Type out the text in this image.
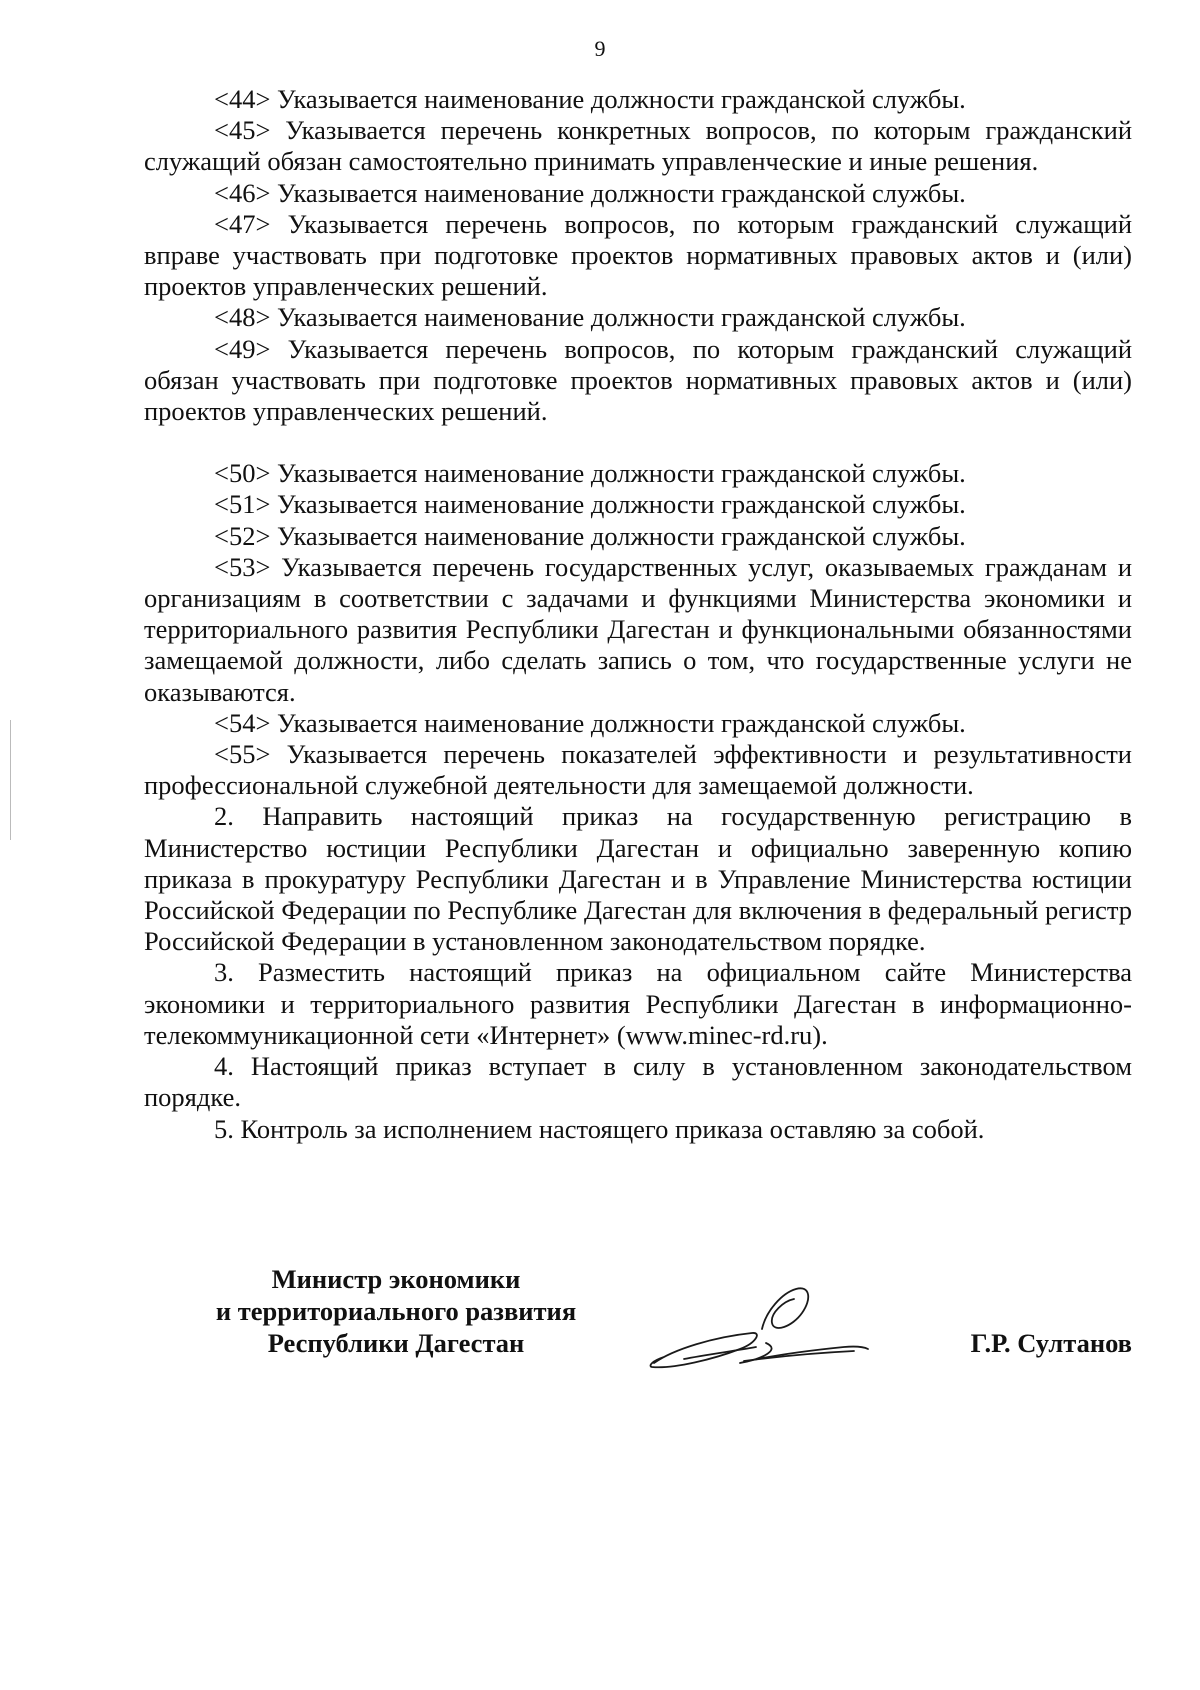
9

<44> Указывается наименование должности гражданской службы.

<45> Указывается перечень конкретных вопросов, по которым гражданский служащий обязан самостоятельно принимать управленческие и иные решения.

<46> Указывается наименование должности гражданской службы.

<47> Указывается перечень вопросов, по которым гражданский служащий вправе участвовать при подготовке проектов нормативных правовых актов и (или) проектов управленческих решений.

<48> Указывается наименование должности гражданской службы.

<49> Указывается перечень вопросов, по которым гражданский служащий обязан участвовать при подготовке проектов нормативных правовых актов и (или) проектов управленческих решений.

<50> Указывается наименование должности гражданской службы.

<51> Указывается наименование должности гражданской службы.

<52> Указывается наименование должности гражданской службы.

<53> Указывается перечень государственных услуг, оказываемых гражданам и организациям в соответствии с задачами и функциями Министерства экономики и территориального развития Республики Дагестан и функциональными обязанностями замещаемой должности, либо сделать запись о том, что государственные услуги не оказываются.

<54> Указывается наименование должности гражданской службы.

<55> Указывается перечень показателей эффективности и результативности профессиональной служебной деятельности для замещаемой должности.

2. Направить настоящий приказ на государственную регистрацию в Министерство юстиции Республики Дагестан и официально заверенную копию приказа в прокуратуру Республики Дагестан и в Управление Министерства юстиции Российской Федерации по Республике Дагестан для включения в федеральный регистр Российской Федерации в установленном законодательством порядке.

3. Разместить настоящий приказ на официальном сайте Министерства экономики и территориального развития Республики Дагестан в информационно-телекоммуникационной сети «Интернет» (www.minec-rd.ru).

4. Настоящий приказ вступает в силу в установленном законодательством порядке.

5. Контроль за исполнением настоящего приказа оставляю за собой.

Министр экономики
и территориального развития
Республики Дагестан	Г.Р. Султанов
